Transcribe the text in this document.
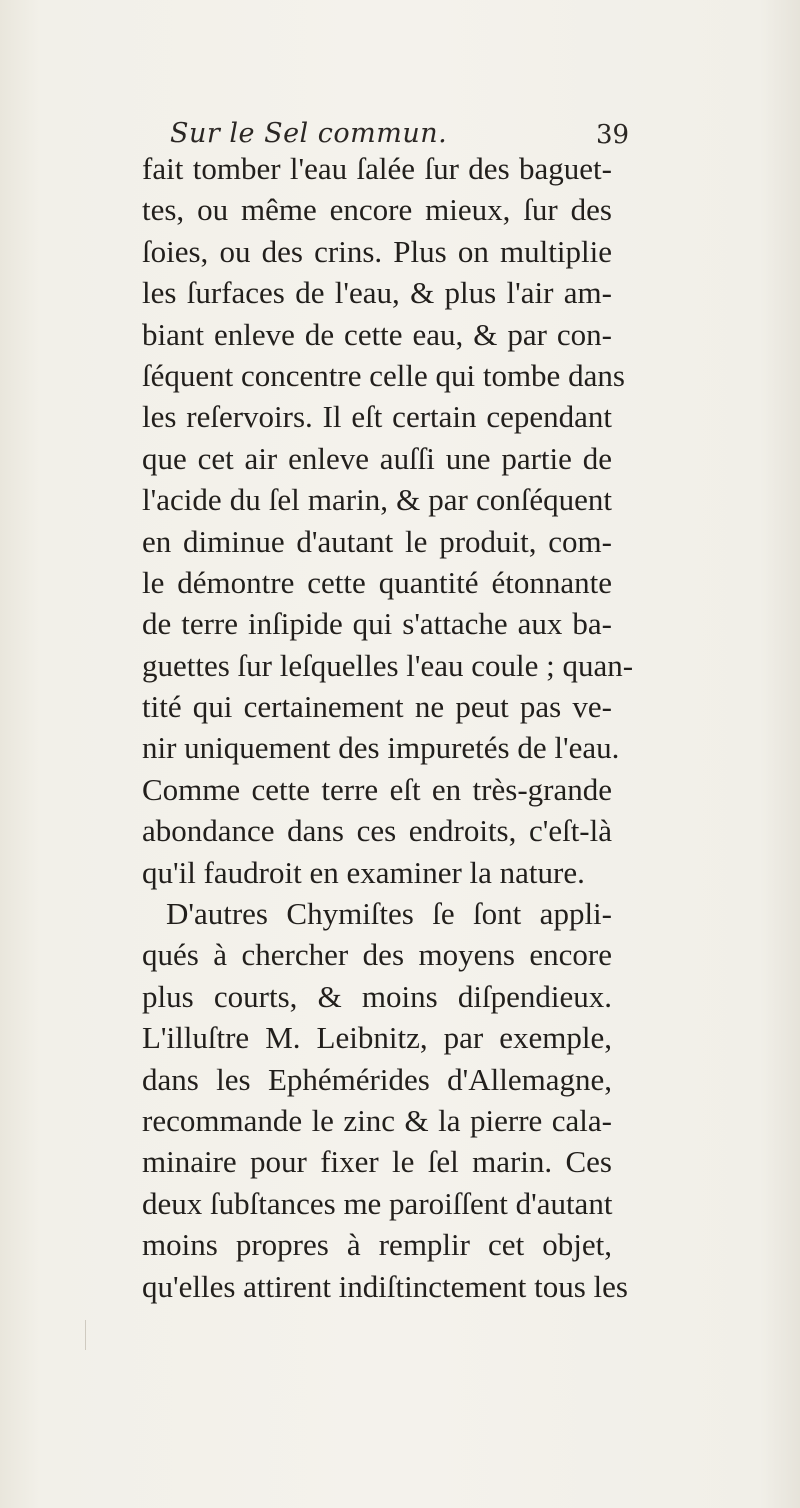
Sur le Sel commun.	39
fait tomber l'eau ſalée ſur des baguet-
tes, ou même encore mieux, ſur des
ſoies, ou des crins. Plus on multiplie
les ſurfaces de l'eau, & plus l'air am-
biant enleve de cette eau, & par con-
ſéquent concentre celle qui tombe dans
les reſervoirs. Il eſt certain cependant
que cet air enleve auſſi une partie de
l'acide du ſel marin, & par conſéquent
en diminue d'autant le produit, com-
le démontre cette quantité étonnante
de terre inſipide qui s'attache aux ba-
guettes ſur leſquelles l'eau coule ; quan-
tité qui certainement ne peut pas ve-
nir uniquement des impuretés de l'eau.
Comme cette terre eſt en très-grande
abondance dans ces endroits, c'eſt-là
qu'il faudroit en examiner la nature.
D'autres Chymiſtes ſe ſont appli-
qués à chercher des moyens encore
plus courts, & moins diſpendieux.
L'illuſtre M. Leibnitz, par exemple,
dans les Ephémérides d'Allemagne,
recommande le zinc & la pierre cala-
minaire pour fixer le ſel marin. Ces
deux ſubſtances me paroiſſent d'autant
moins propres à remplir cet objet,
qu'elles attirent indiſtinctement tous les
